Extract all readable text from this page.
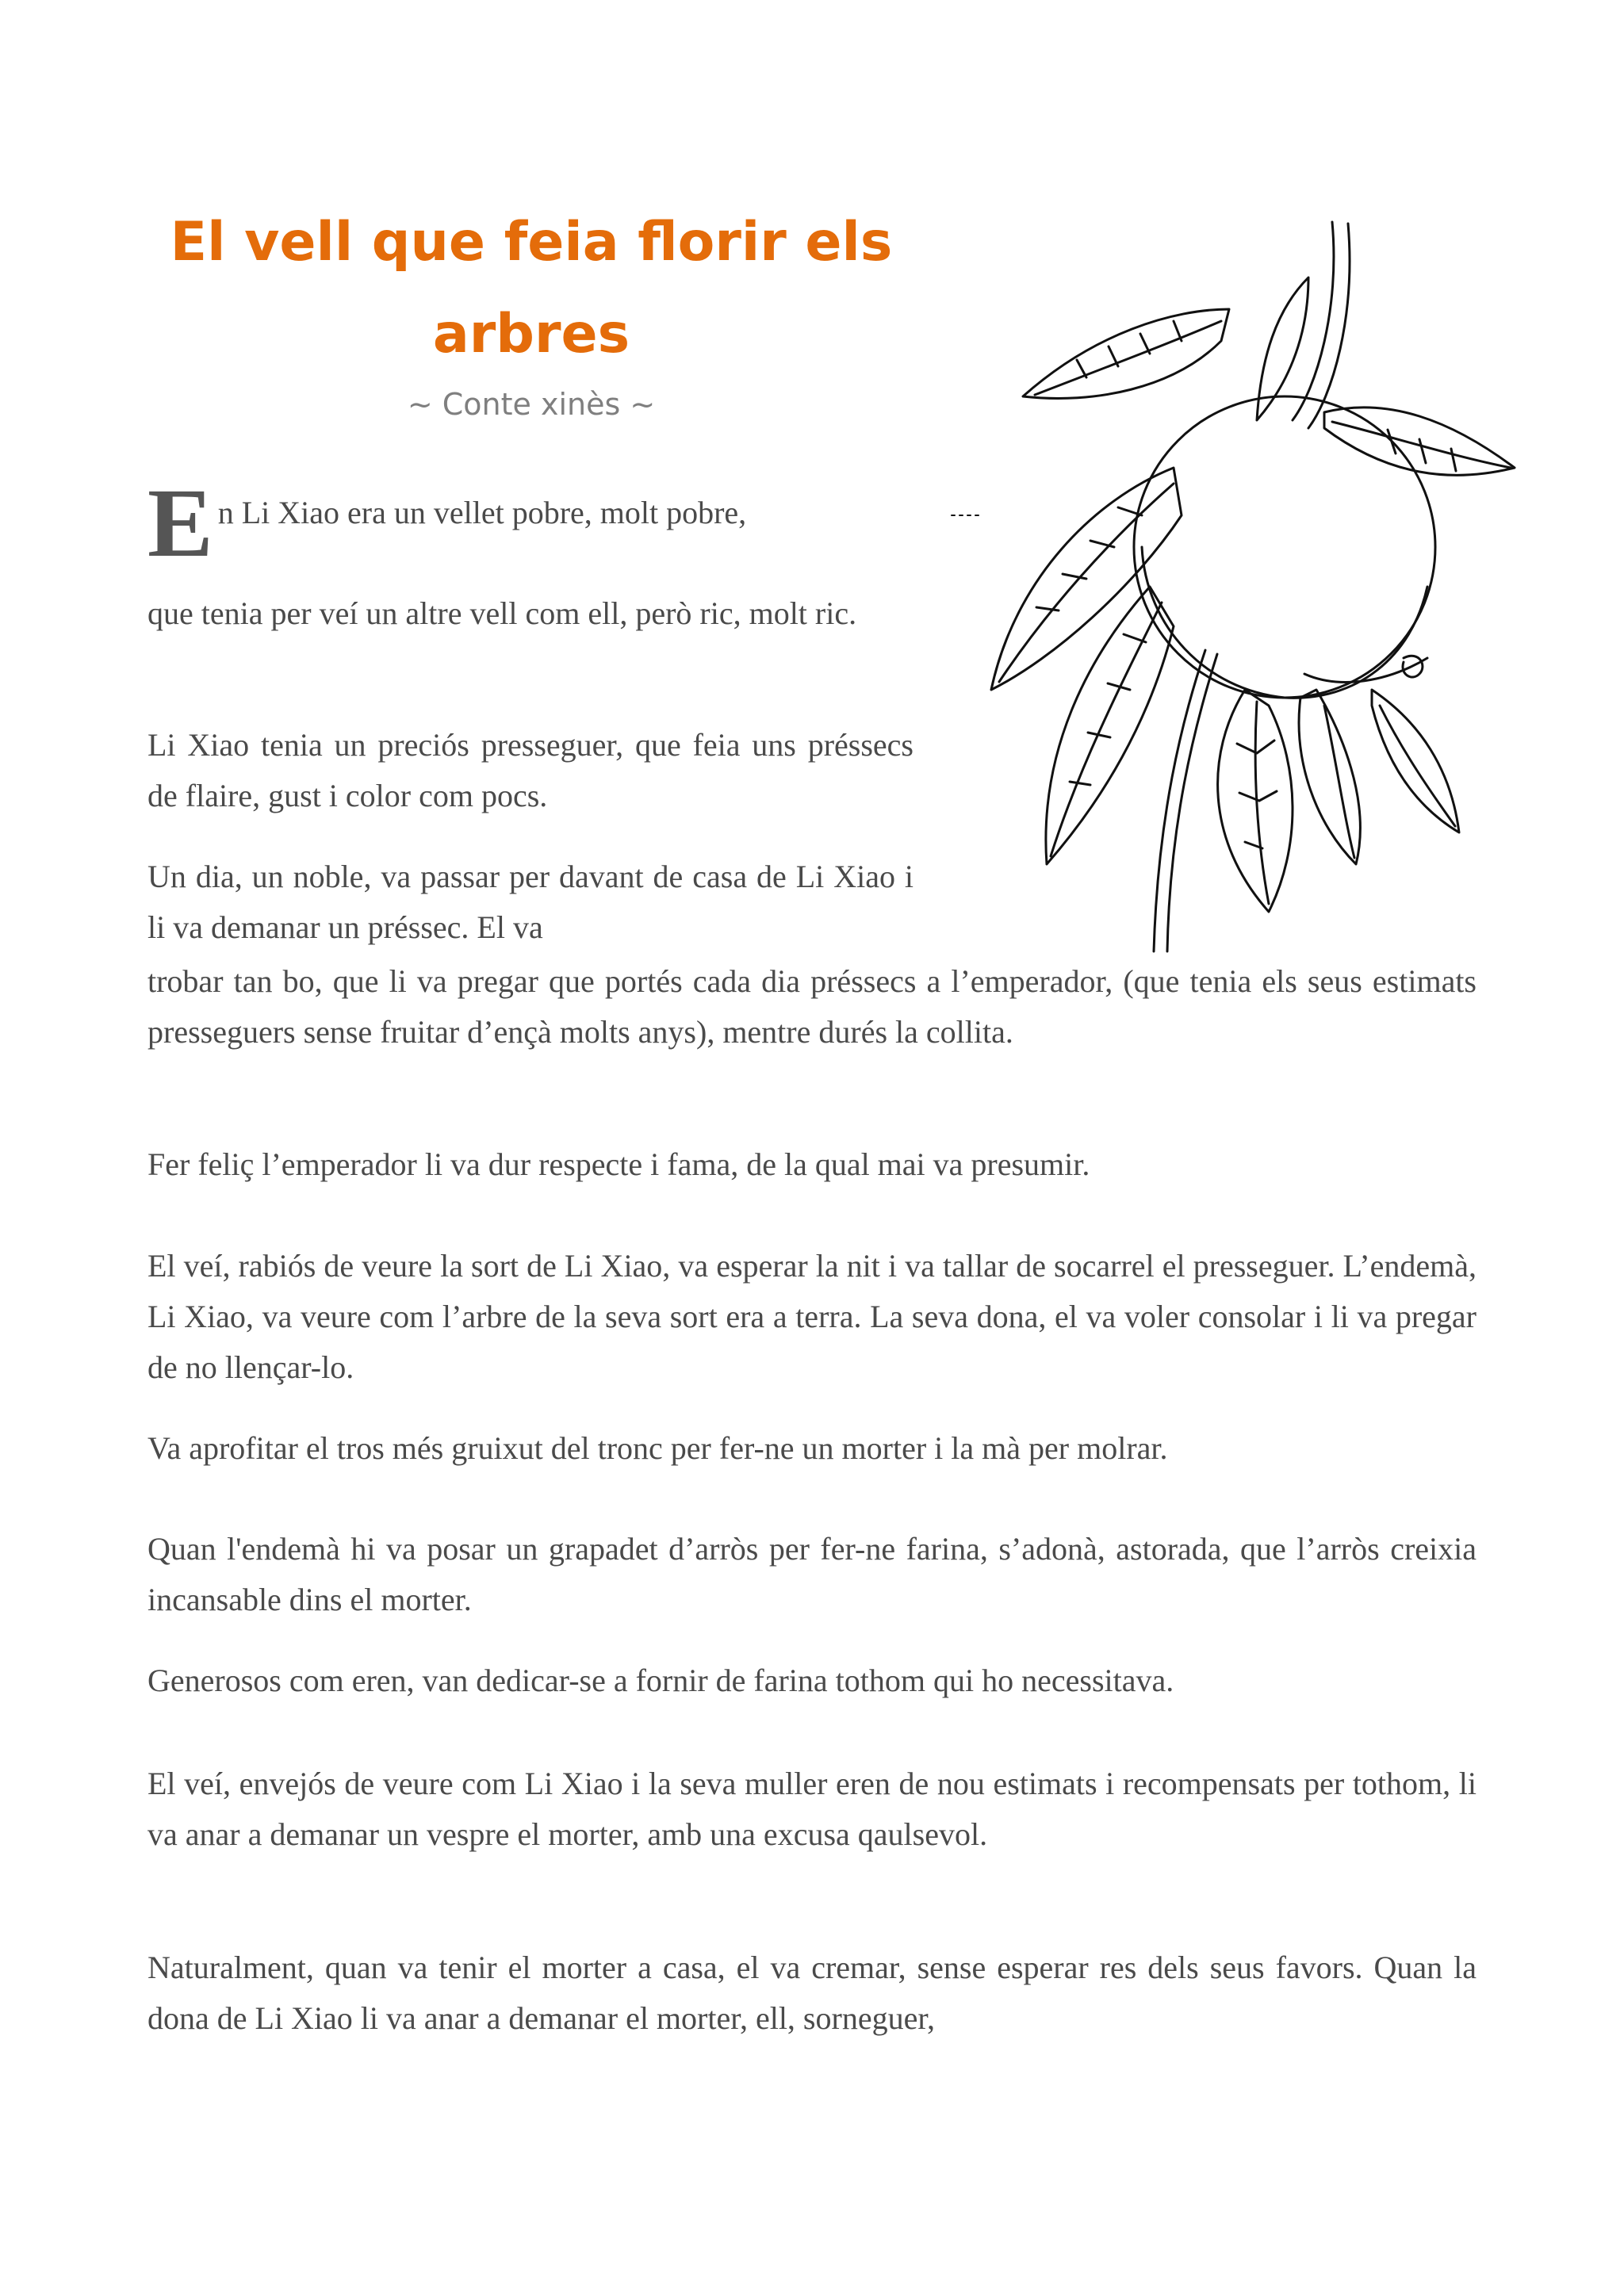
El vell que feia florir els
arbres
~ Conte xinès ~
E n Li Xiao era un vellet pobre, molt pobre,

que tenia per veí un altre vell com ell, però ric, molt ric.

Li Xiao tenia un preciós presseguer, que feia uns préssecs de flaire, gust i color com pocs.

Un dia, un noble, va passar per davant de casa de Li Xiao i li va demanar un préssec. El va

trobar tan bo, que li va pregar que portés cada dia préssecs a l’emperador, (que tenia els seus estimats presseguers sense fruitar d’ençà molts anys), mentre durés la collita.

Fer feliç l’emperador li va dur respecte i fama, de la qual mai va presumir.

El veí, rabiós de veure la sort de Li Xiao, va esperar la nit i va tallar de socarrel el presseguer. L’endemà, Li Xiao, va veure com l’arbre de la seva sort era a terra. La seva dona, el va voler consolar i li va pregar de no llençar-lo.

Va aprofitar el tros més gruixut del tronc per fer-ne un morter i la mà per molrar.

Quan l'endemà hi va posar un grapadet d’arròs per fer-ne farina, s’adonà, astorada, que l’arròs creixia incansable dins el morter.

Generosos com eren, van dedicar-se a fornir de farina tothom qui ho necessitava.

El veí, envejós de veure com Li Xiao i la seva muller eren de nou estimats i recompensats per tothom, li va anar a demanar un vespre el morter, amb una excusa qaulsevol.

Naturalment, quan va tenir el morter a casa, el va cremar, sense esperar res dels seus favors. Quan la dona de Li Xiao li va anar a demanar el morter, ell, sorneguer,
